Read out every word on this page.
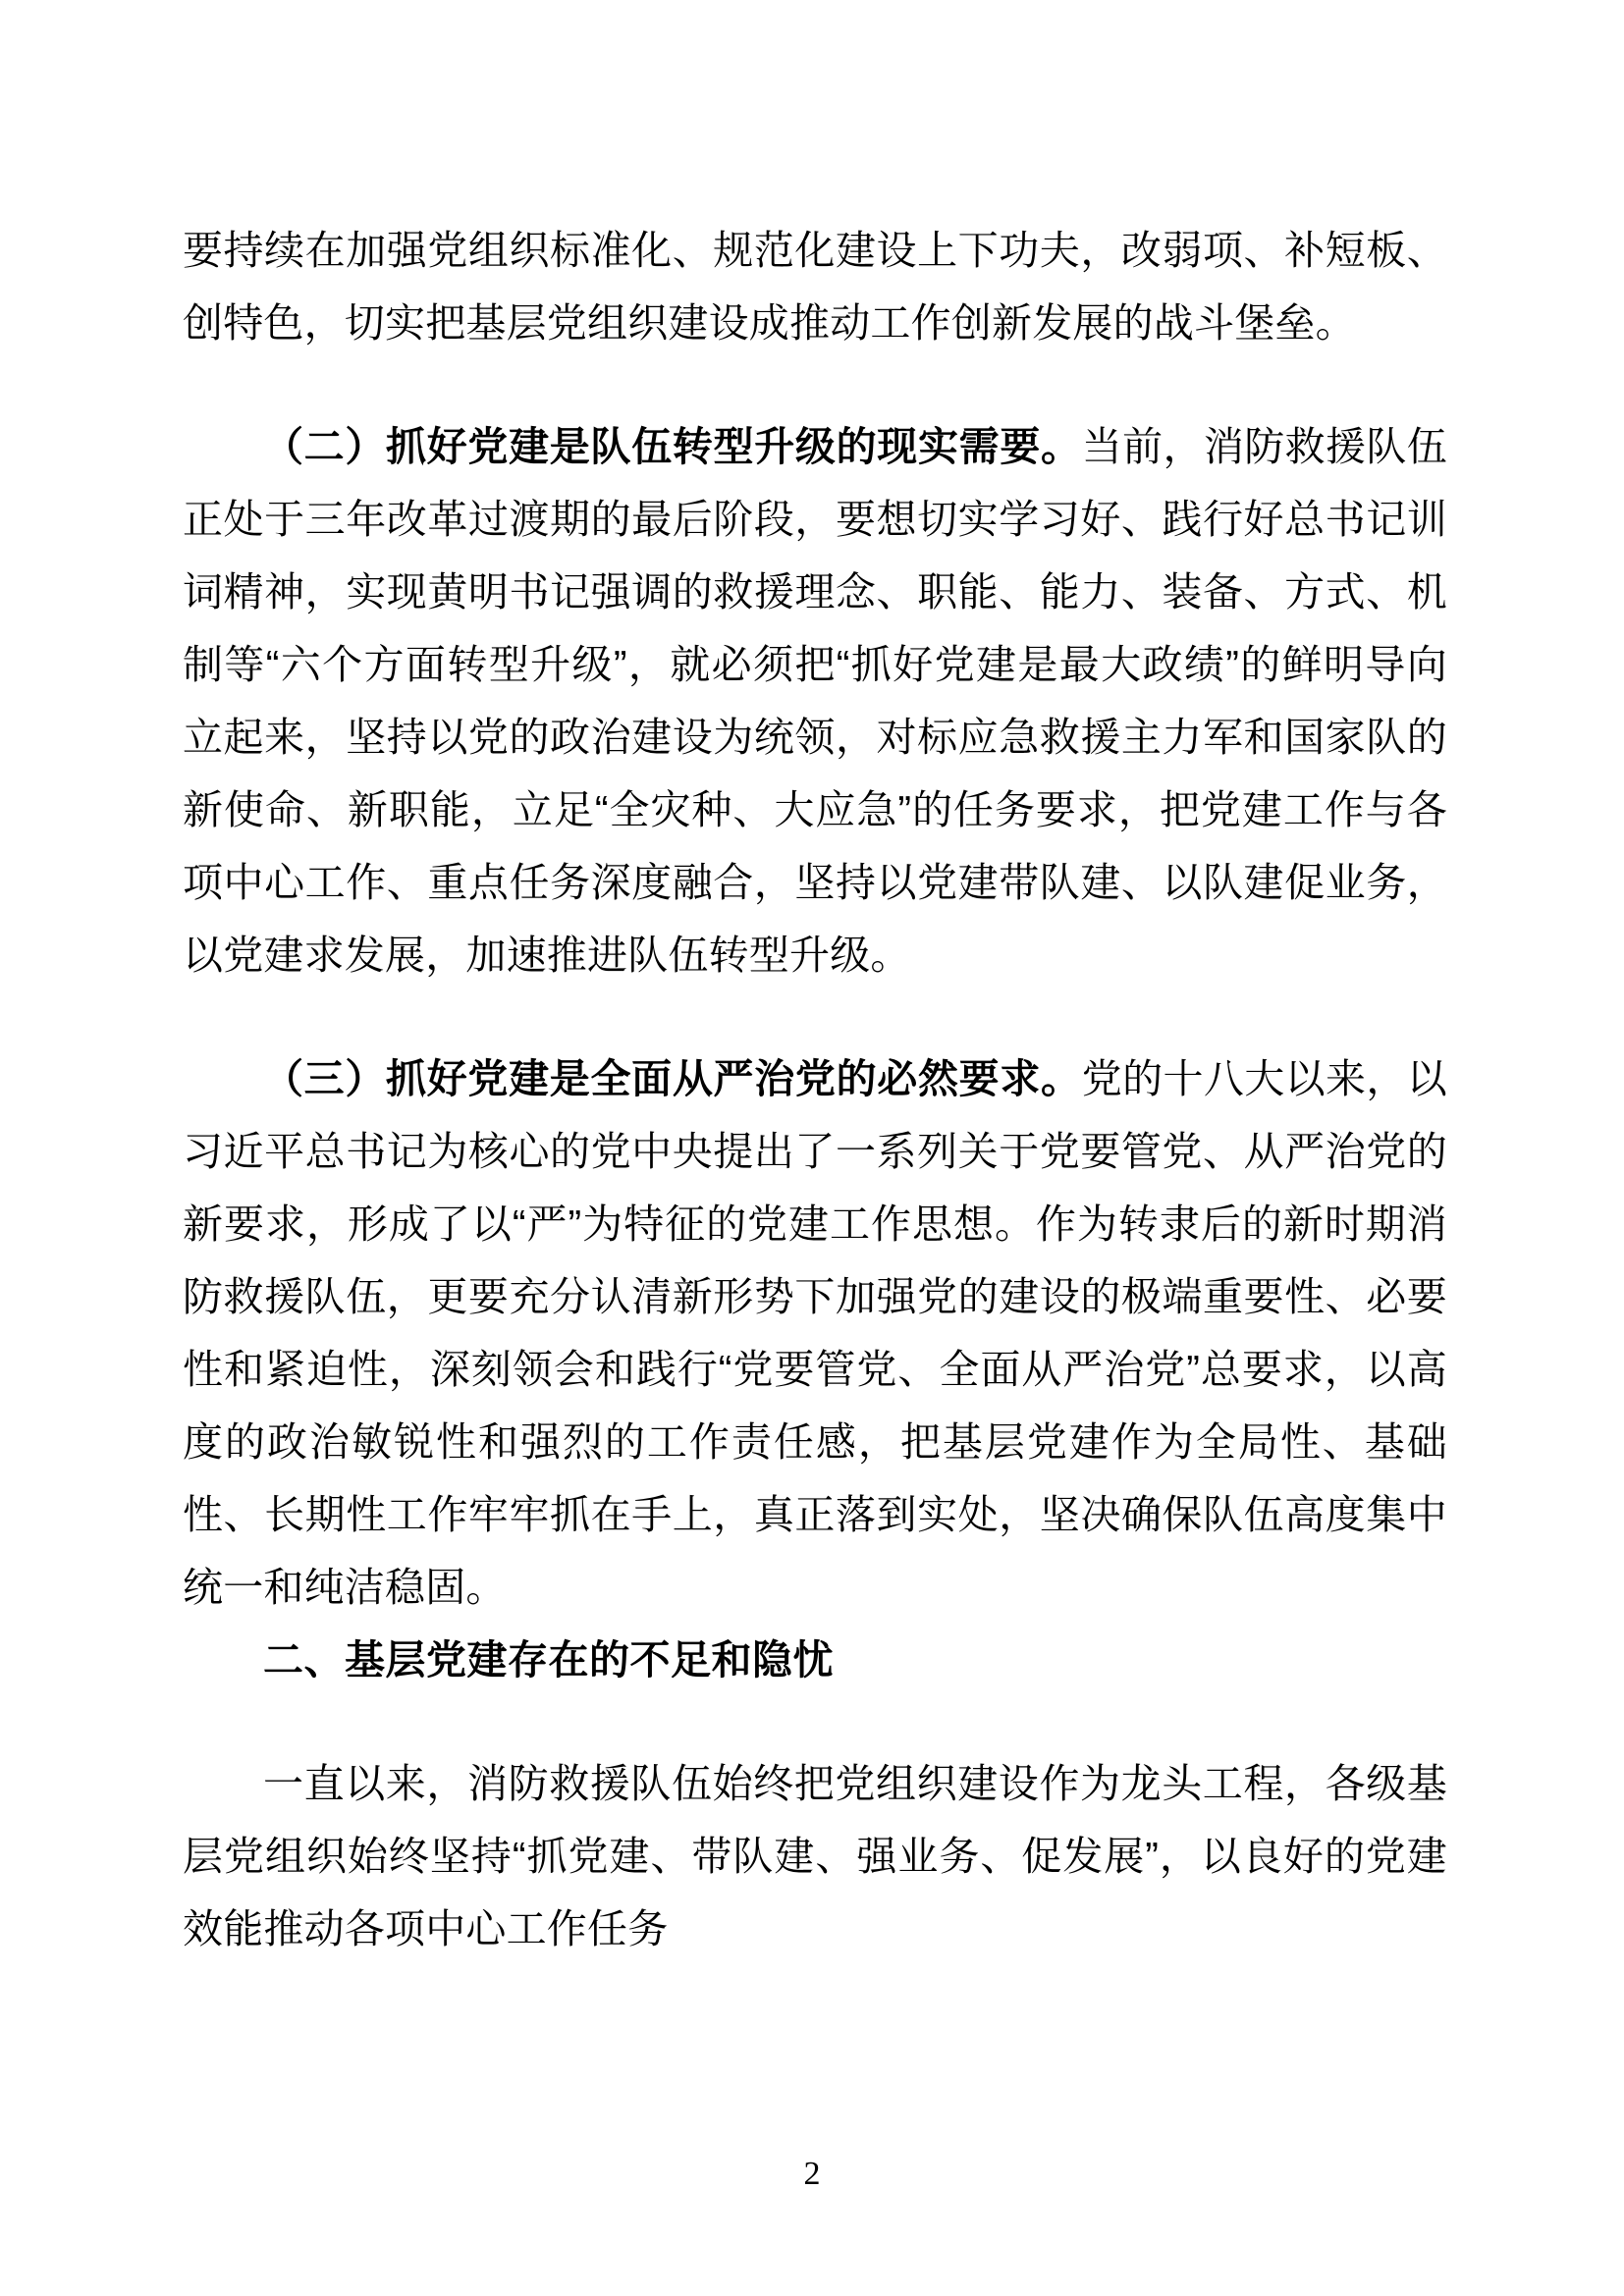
要持续在加强党组织标准化、规范化建设上下功夫，改弱项、补短板、创特色，切实把基层党组织建设成推动工作创新发展的战斗堡垒。

（二）抓好党建是队伍转型升级的现实需要。当前，消防救援队伍正处于三年改革过渡期的最后阶段，要想切实学习好、践行好总书记训词精神，实现黄明书记强调的救援理念、职能、能力、装备、方式、机制等“六个方面转型升级”，就必须把“抓好党建是最大政绩”的鲜明导向立起来，坚持以党的政治建设为统领，对标应急救援主力军和国家队的新使命、新职能，立足“全灾种、大应急”的任务要求，把党建工作与各项中心工作、重点任务深度融合，坚持以党建带队建、以队建促业务，以党建求发展，加速推进队伍转型升级。

（三）抓好党建是全面从严治党的必然要求。党的十八大以来，以习近平总书记为核心的党中央提出了一系列关于党要管党、从严治党的新要求，形成了以“严”为特征的党建工作思想。作为转隶后的新时期消防救援队伍，更要充分认清新形势下加强党的建设的极端重要性、必要性和紧迫性，深刻领会和践行“党要管党、全面从严治党”总要求，以高度的政治敏锐性和强烈的工作责任感，把基层党建作为全局性、基础性、长期性工作牢牢抓在手上，真正落到实处，坚决确保队伍高度集中统一和纯洁稳固。

二、基层党建存在的不足和隐忧

一直以来，消防救援队伍始终把党组织建设作为龙头工程，各级基层党组织始终坚持“抓党建、带队建、强业务、促发展”，以良好的党建效能推动各项中心工作任务

2
